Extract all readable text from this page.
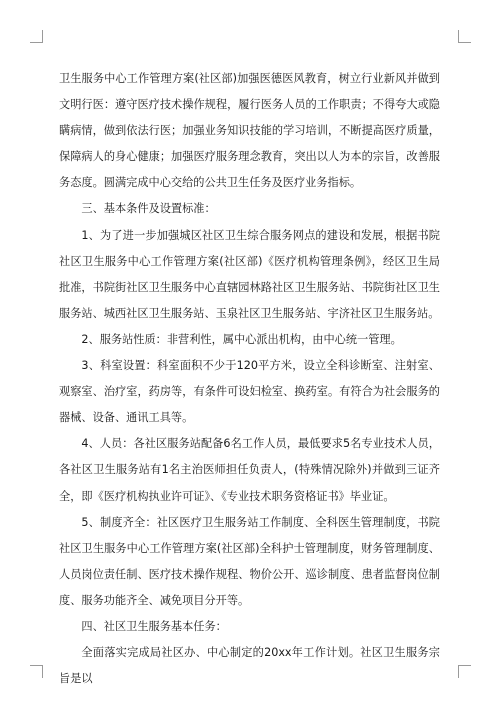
卫生服务中心工作管理方案(社区部)加强医德医风教育，树立行业新风并做到文明行医：遵守医疗技术操作规程，履行医务人员的工作职责；不得夸大或隐瞒病情，做到依法行医；加强业务知识技能的学习培训，不断提高医疗质量，保障病人的身心健康；加强医疗服务理念教育，突出以人为本的宗旨，改善服务态度。圆满完成中心交给的公共卫生任务及医疗业务指标。

三、基本条件及设置标准：

1、为了进一步加强城区社区卫生综合服务网点的建设和发展，根据书院社区卫生服务中心工作管理方案(社区部)《医疗机构管理条例》，经区卫生局批准，书院街社区卫生服务中心直辖园林路社区卫生服务站、书院街社区卫生服务站、城西社区卫生服务站、玉泉社区卫生服务站、宇济社区卫生服务站。

2、服务站性质：非营利性，属中心派出机构，由中心统一管理。

3、科室设置：科室面积不少于120平方米，设立全科诊断室、注射室、观察室、治疗室，药房等，有条件可设妇检室、换药室。有符合为社会服务的器械、设备、通讯工具等。

4、人员：各社区服务站配备6名工作人员，最低要求5名专业技术人员，各社区卫生服务站有1名主治医师担任负责人，(特殊情况除外)并做到三证齐全，即《医疗机构执业许可证》、《专业技术职务资格证书》毕业证。

5、制度齐全：社区医疗卫生服务站工作制度、全科医生管理制度，书院社区卫生服务中心工作管理方案(社区部)全科护士管理制度，财务管理制度、人员岗位责任制、医疗技术操作规程、物价公开、巡诊制度、患者监督岗位制度、服务功能齐全、减免项目分开等。

四、社区卫生服务基本任务：

全面落实完成局社区办、中心制定的20xx年工作计划。社区卫生服务宗旨是以
